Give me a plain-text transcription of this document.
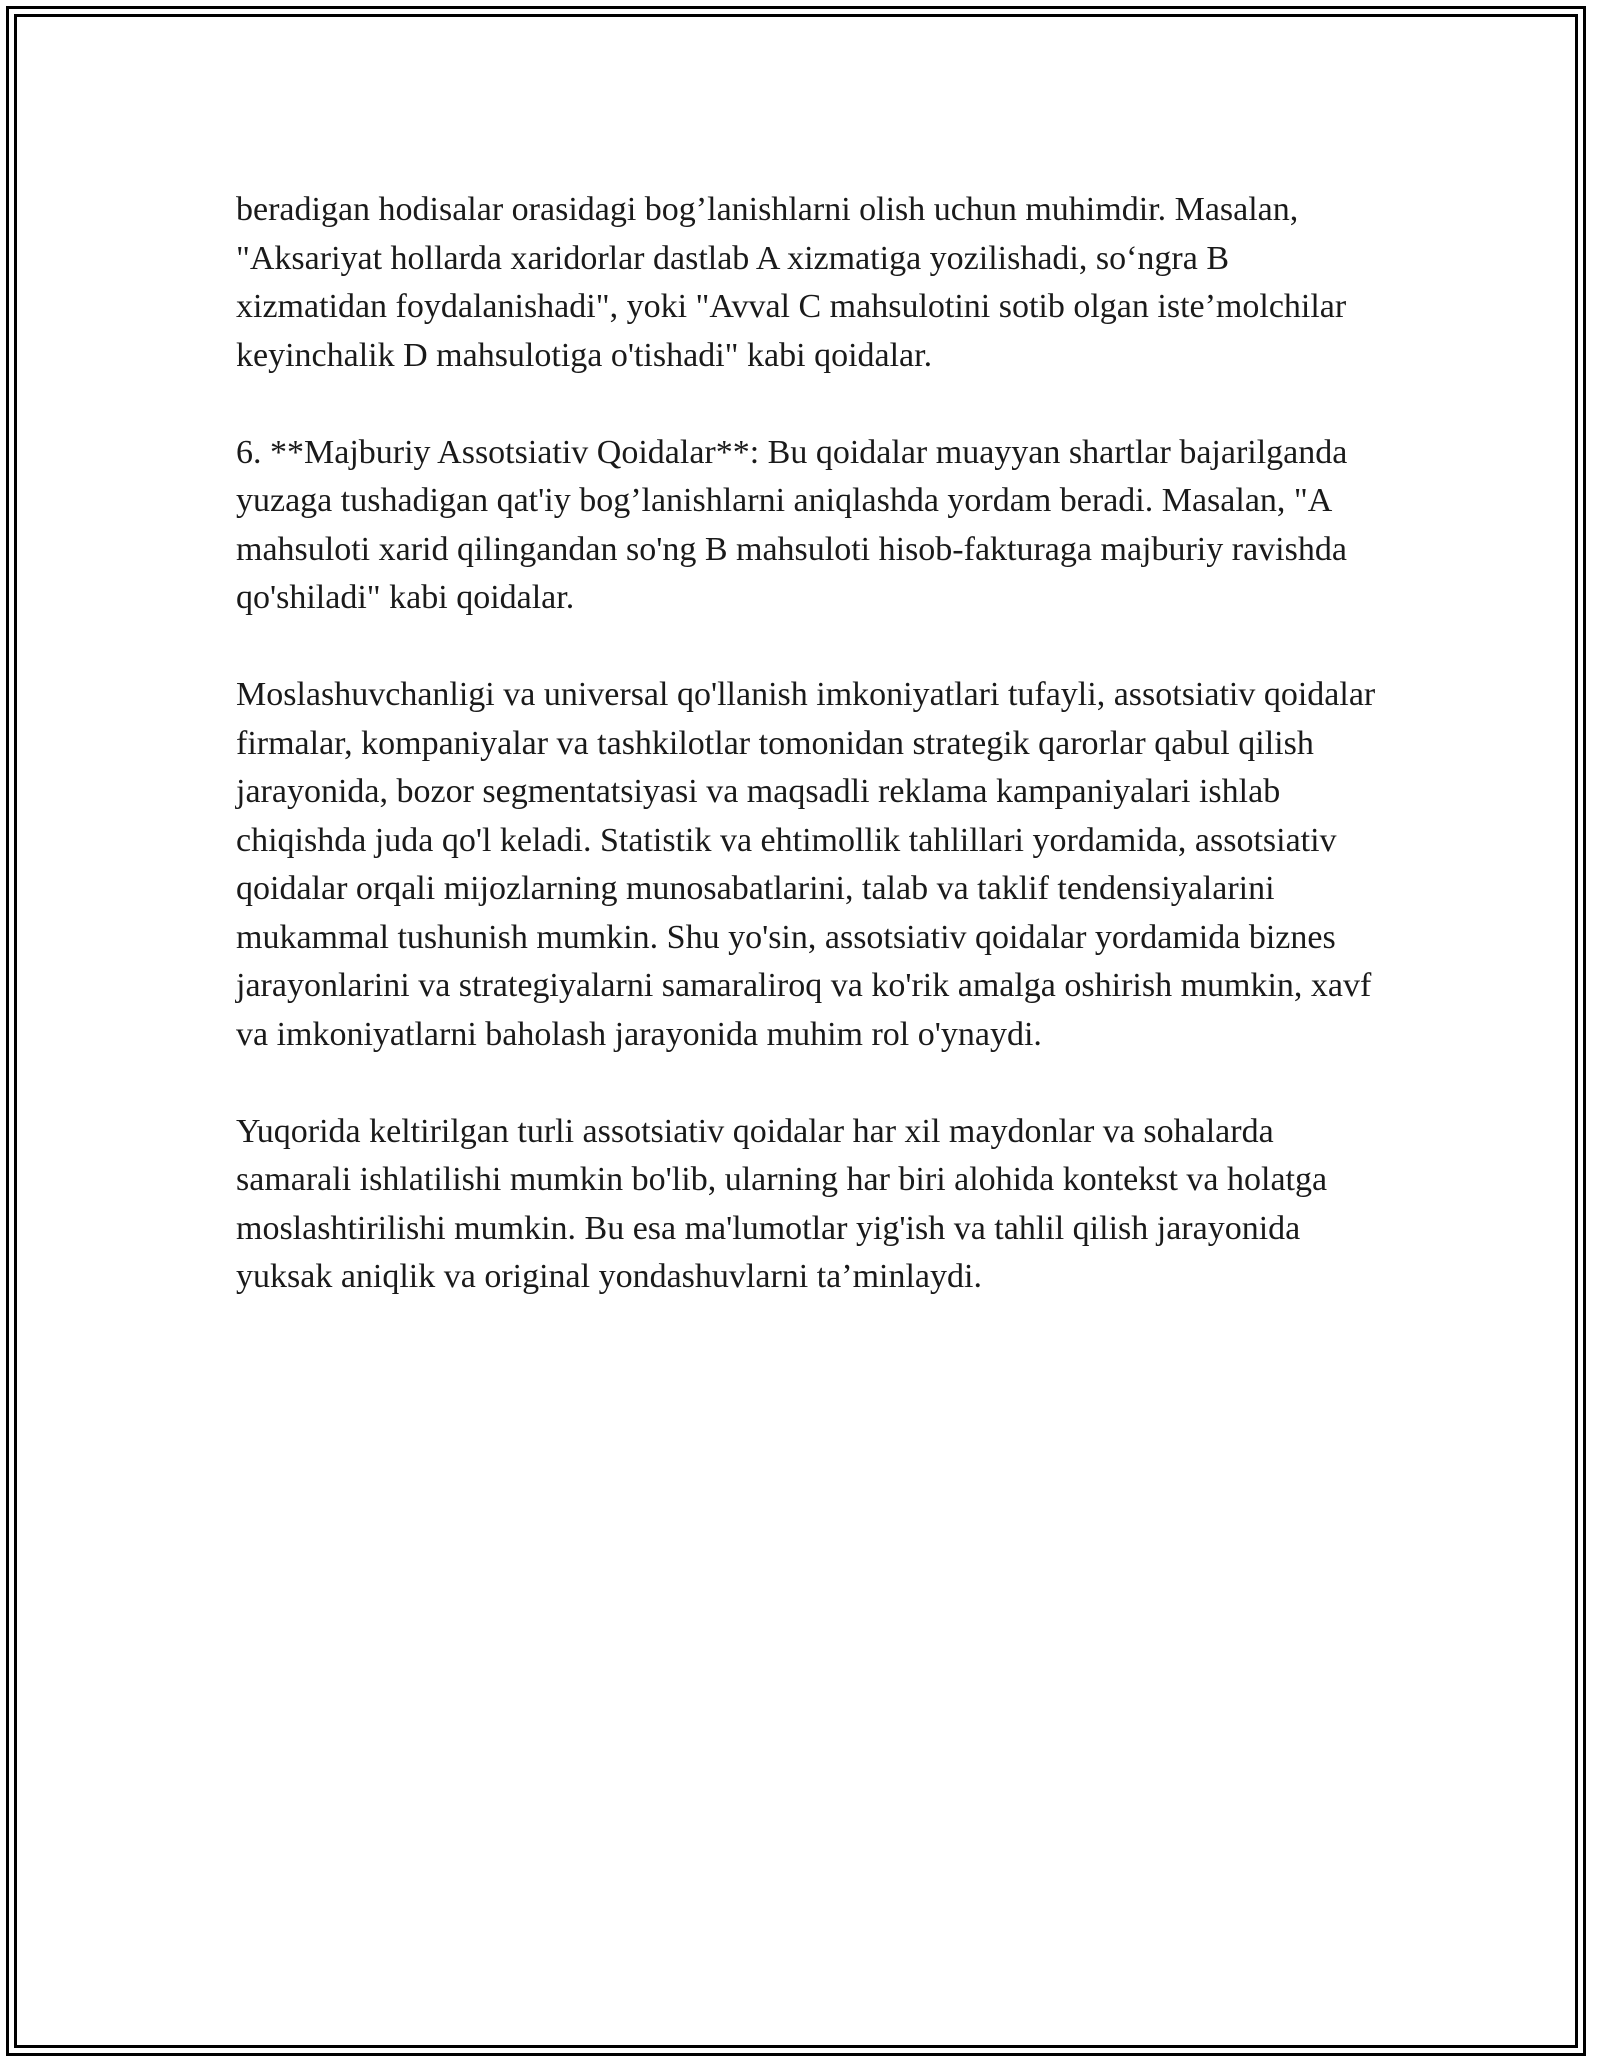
beradigan hodisalar orasidagi bog’lanishlarni olish uchun muhimdir. Masalan, "Aksariyat hollarda xaridorlar dastlab A xizmatiga yozilishadi, so‘ngra B xizmatidan foydalanishadi", yoki "Avval C mahsulotini sotib olgan iste’molchilar keyinchalik D mahsulotiga o'tishadi" kabi qoidalar.

6. **Majburiy Assotsiativ Qoidalar**: Bu qoidalar muayyan shartlar bajarilganda yuzaga tushadigan qat'iy bog’lanishlarni aniqlashda yordam beradi. Masalan, "A mahsuloti xarid qilingandan so'ng B mahsuloti hisob-fakturaga majburiy ravishda qo'shiladi" kabi qoidalar.

Moslashuvchanligi va universal qo'llanish imkoniyatlari tufayli, assotsiativ qoidalar firmalar, kompaniyalar va tashkilotlar tomonidan strategik qarorlar qabul qilish jarayonida, bozor segmentatsiyasi va maqsadli reklama kampaniyalari ishlab chiqishda juda qo'l keladi. Statistik va ehtimollik tahlillari yordamida, assotsiativ qoidalar orqali mijozlarning munosabatlarini, talab va taklif tendensiyalarini mukammal tushunish mumkin. Shu yo'sin, assotsiativ qoidalar yordamida biznes jarayonlarini va strategiyalarni samaraliroq va ko'rik amalga oshirish mumkin, xavf va imkoniyatlarni baholash jarayonida muhim rol o'ynaydi.

Yuqorida keltirilgan turli assotsiativ qoidalar har xil maydonlar va sohalarda samarali ishlatilishi mumkin bo'lib, ularning har biri alohida kontekst va holatga moslashtirilishi mumkin. Bu esa ma'lumotlar yig'ish va tahlil qilish jarayonida yuksak aniqlik va original yondashuvlarni ta’minlaydi.
